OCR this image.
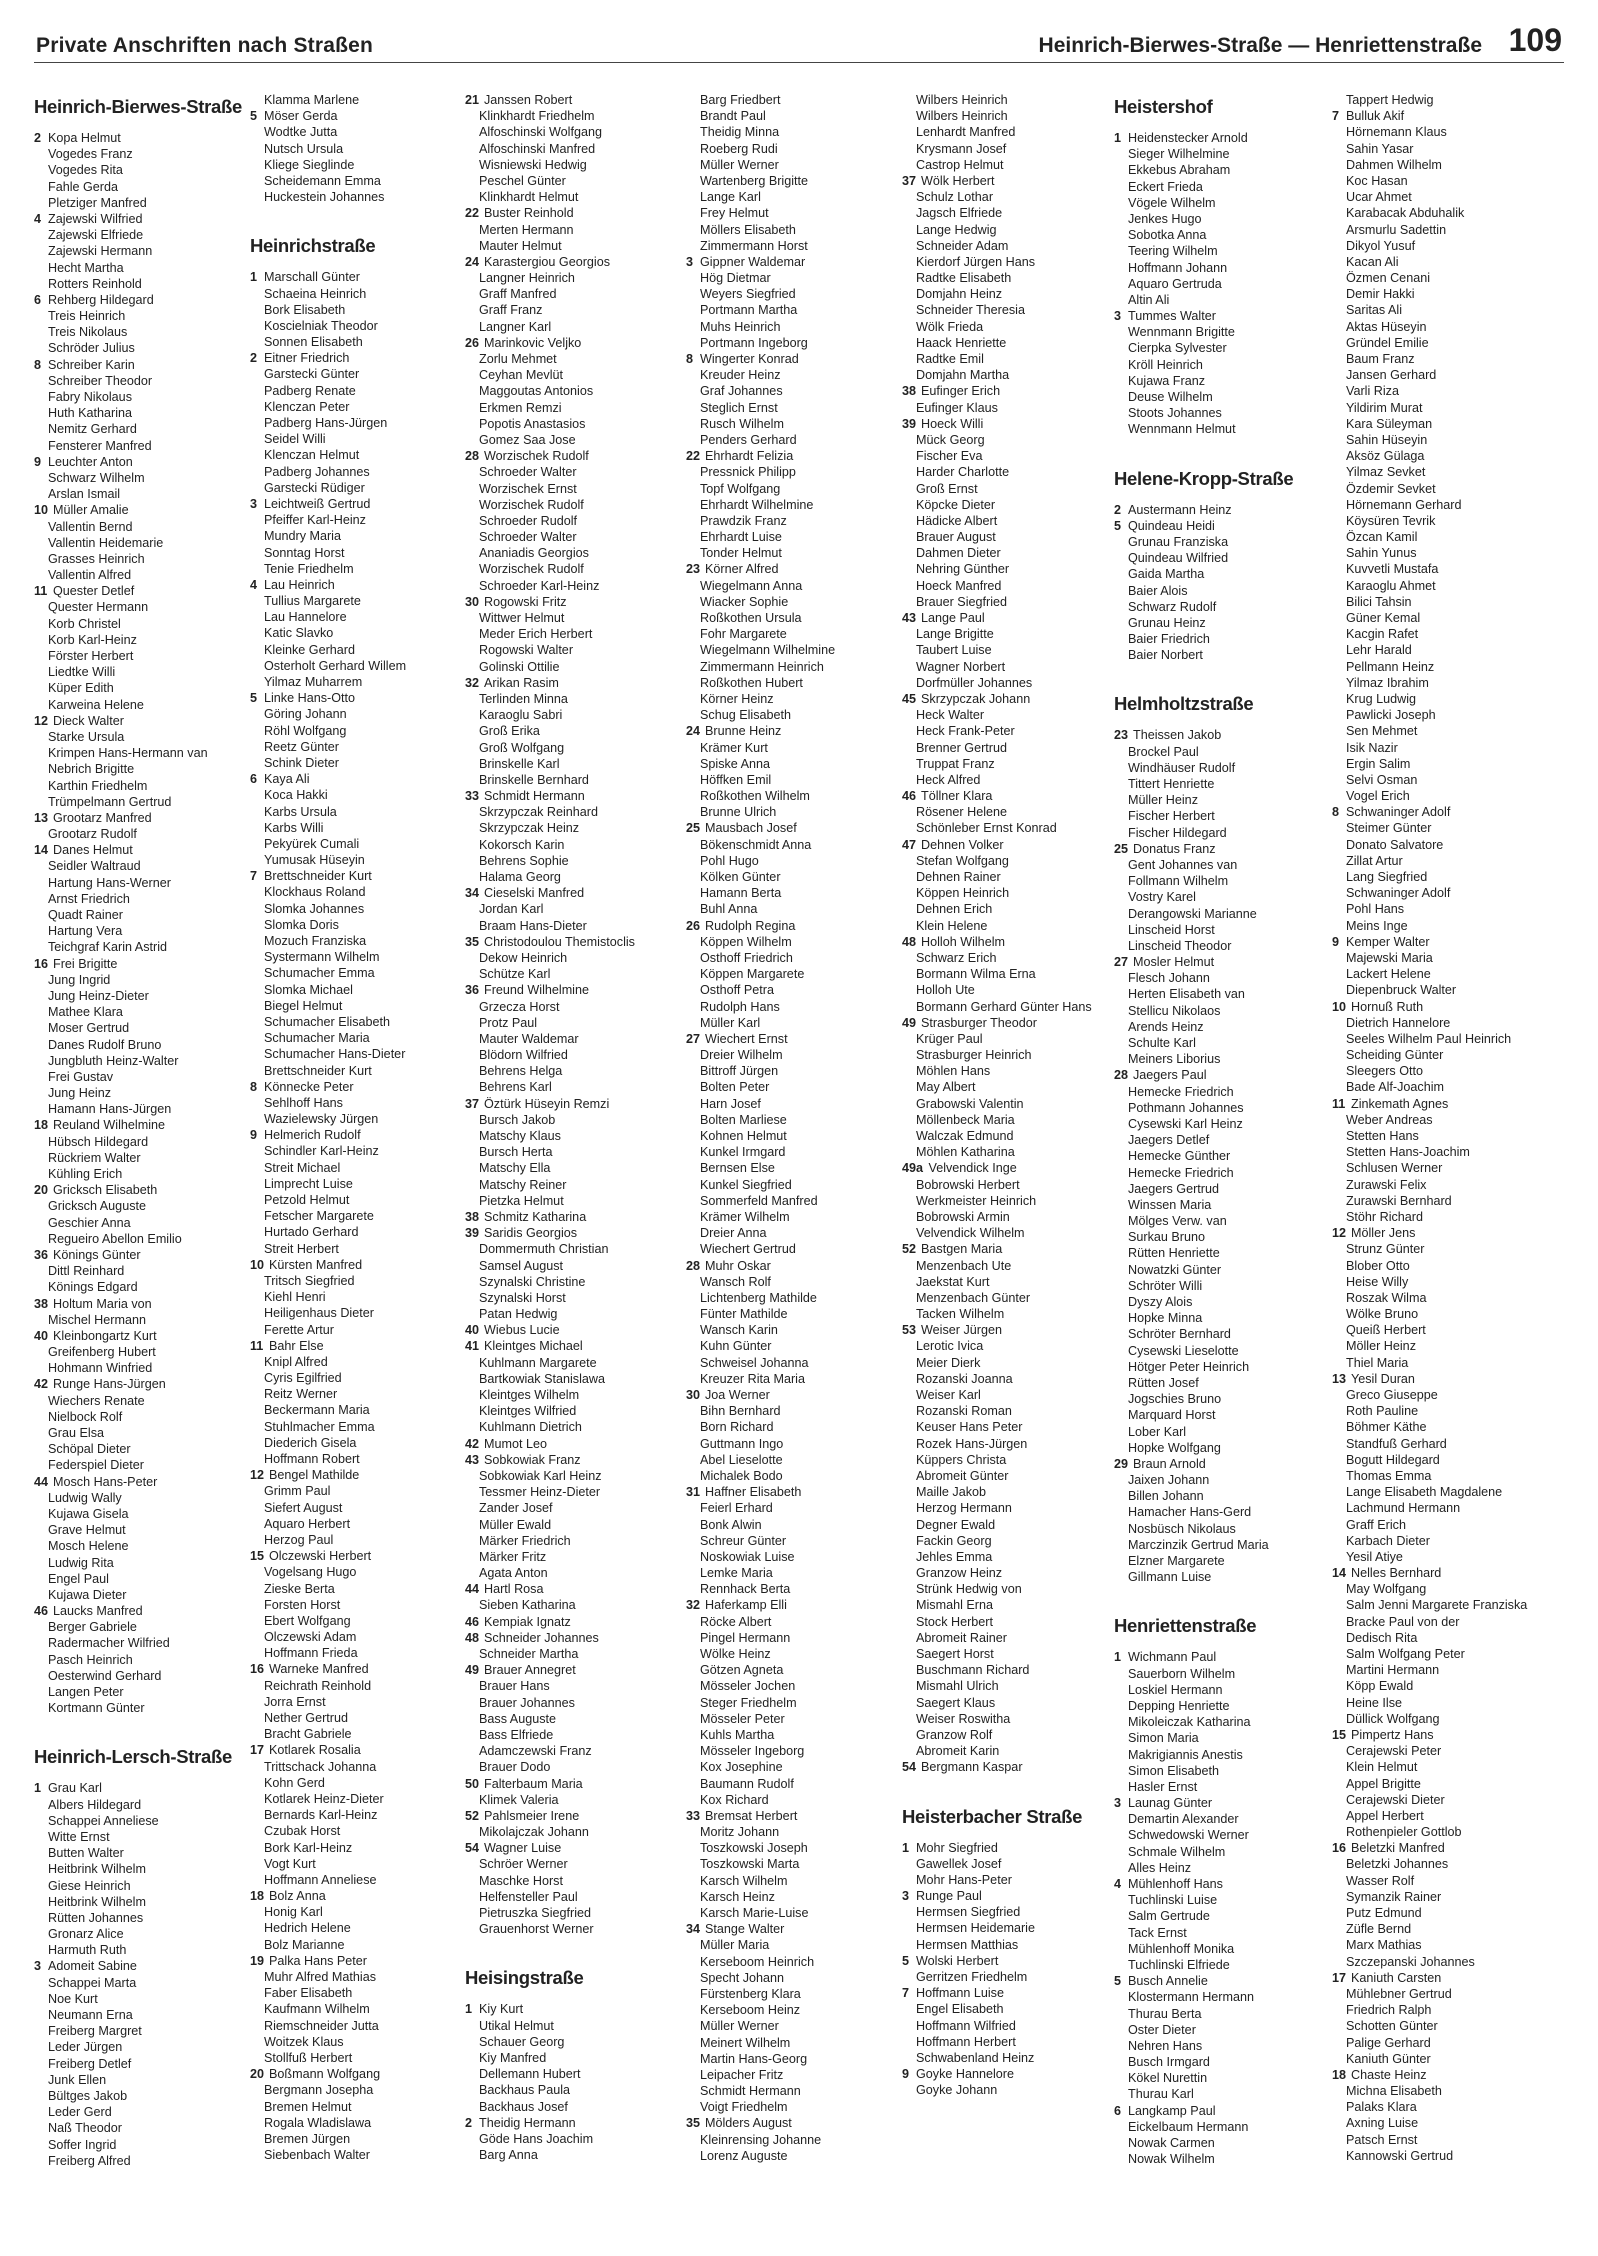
Private Anschriften nach Straßen	Heinrich-Bierwes-Straße — Henriettenstraße 109
Heinrich-Bierwes-Straße
2 Kopa Helmut
Vogedes Franz
Vogedes Rita
Fahle Gerda
Pletziger Manfred
4 Zajewski Wilfried
Zajewski Elfriede
Zajewski Hermann
Hecht Martha
Rotters Reinhold
6 Rehberg Hildegard
Treis Heinrich
Treis Nikolaus
Schröder Julius
8 Schreiber Karin
Schreiber Theodor
Fabry Nikolaus
Huth Katharina
Nemitz Gerhard
Fensterer Manfred
9 Leuchter Anton
Schwarz Wilhelm
Arslan Ismail
10 Müller Amalie
Vallentin Bernd
Vallentin Heidemarie
Grasses Heinrich
Vallentin Alfred
11 Quester Detlef
Quester Hermann
Korb Christel
Korb Karl-Heinz
Förster Herbert
Liedtke Willi
Küper Edith
Karweina Helene
12 Dieck Walter
Starke Ursula
Krimpen Hans-Hermann van
Nebrich Brigitte
Karthin Friedhelm
Trümpelmann Gertrud
13 Grootarz Manfred
Grootarz Rudolf
14 Danes Helmut
Seidler Waltraud
Hartung Hans-Werner
Arnst Friedrich
Quadt Rainer
Hartung Vera
Teichgraf Karin Astrid
16 Frei Brigitte
Jung Ingrid
Jung Heinz-Dieter
Mathee Klara
Moser Gertrud
Danes Rudolf Bruno
Jungbluth Heinz-Walter
Frei Gustav
Jung Heinz
Hamann Hans-Jürgen
18 Reuland Wilhelmine
Hübsch Hildegard
Rückriem Walter
Kühling Erich
20 Gricksch Elisabeth
Gricksch Auguste
Geschier Anna
Regueiro Abellon Emilio
36 Könings Günter
Dittl Reinhard
Könings Edgard
38 Holtum Maria von
Mischel Hermann
40 Kleinbongartz Kurt
Greifenberg Hubert
Hohmann Winfried
42 Runge Hans-Jürgen
Wiechers Renate
Nielbock Rolf
Grau Elsa
Schöpal Dieter
Federspiel Dieter
44 Mosch Hans-Peter
Ludwig Wally
Kujawa Gisela
Grave Helmut
Mosch Helene
Ludwig Rita
Engel Paul
Kujawa Dieter
46 Laucks Manfred
Berger Gabriele
Radermacher Wilfried
Pasch Heinrich
Oesterwind Gerhard
Langen Peter
Kortmann Günter
Heinrich-Lersch-Straße
1 Grau Karl
Albers Hildegard
Schappei Anneliese
Witte Ernst
Butten Walter
Heitbrink Wilhelm
Giese Heinrich
Heitbrink Wilhelm
Rütten Johannes
Gronarz Alice
Harmuth Ruth
3 Adomeit Sabine
Schappei Marta
Noe Kurt
Neumann Erna
Freiberg Margret
Leder Jürgen
Freiberg Detlef
Junk Ellen
Bültges Jakob
Leder Gerd
Naß Theodor
Soffer Ingrid
Freiberg Alfred
Klamma Marlene
5 Möser Gerda
Wodtke Jutta
Nutsch Ursula
Kliege Sieglinde
Scheidemann Emma
Huckestein Johannes
Heinrichstraße
1 Marschall Günter
Schaeina Heinrich
Bork Elisabeth
Koscielniak Theodor
Sonnen Elisabeth
2 Eitner Friedrich
Garstecki Günter
Padberg Renate
Klenczan Peter
Padberg Hans-Jürgen
Seidel Willi
Klenczan Helmut
Padberg Johannes
Garstecki Rüdiger
3 Leichtweiß Gertrud
Pfeiffer Karl-Heinz
Mundry Maria
Sonntag Horst
Tenie Friedhelm
4 Lau Heinrich
Tullius Margarete
Lau Hannelore
Katic Slavko
Kleinke Gerhard
Osterholt Gerhard Willem
Yilmaz Muharrem
5 Linke Hans-Otto
Göring Johann
Röhl Wolfgang
Reetz Günter
Schink Dieter
6 Kaya Ali
Koca Hakki
Karbs Ursula
Karbs Willi
Pekyürek Cumali
Yumusak Hüseyin
7 Brettschneider Kurt
Klockhaus Roland
Slomka Johannes
Slomka Doris
Mozuch Franziska
Systermann Wilhelm
Schumacher Emma
Slomka Michael
Biegel Helmut
Schumacher Elisabeth
Schumacher Maria
Schumacher Hans-Dieter
Brettschneider Kurt
8 Könnecke Peter
Sehlhoff Hans
Wazielewsky Jürgen
9 Helmerich Rudolf
Schindler Karl-Heinz
Streit Michael
Limprecht Luise
Petzold Helmut
Fetscher Margarete
Hurtado Gerhard
Streit Herbert
10 Kürsten Manfred
Tritsch Siegfried
Kiehl Henri
Heiligenhaus Dieter
Ferette Artur
11 Bahr Else
Knipl Alfred
Cyris Egilfried
Reitz Werner
Beckermann Maria
Stuhlmacher Emma
Diederich Gisela
Hoffmann Robert
12 Bengel Mathilde
Grimm Paul
Siefert August
Aquaro Herbert
Herzog Paul
15 Olczewski Herbert
Vogelsang Hugo
Zieske Berta
Forsten Horst
Ebert Wolfgang
Olczewski Adam
Hoffmann Frieda
16 Warneke Manfred
Reichrath Reinhold
Jorra Ernst
Nether Gertrud
Bracht Gabriele
17 Kotlarek Rosalia
Trittschack Johanna
Kohn Gerd
Kotlarek Heinz-Dieter
Bernards Karl-Heinz
Czubak Horst
Bork Karl-Heinz
Vogt Kurt
Hoffmann Anneliese
18 Bolz Anna
Honig Karl
Hedrich Helene
Bolz Marianne
19 Palka Hans Peter
Muhr Alfred Mathias
Faber Elisabeth
Kaufmann Wilhelm
Riemschneider Jutta
Woitzek Klaus
Stollfuß Herbert
20 Boßmann Wolfgang
Bergmann Josepha
Bremen Helmut
Rogala Wladislawa
Bremen Jürgen
Siebenbach Walter
21 Janssen Robert
Klinkhardt Friedhelm
Alfoschinski Wolfgang
Alfoschinski Manfred
Wisniewski Hedwig
Peschel Günter
Klinkhardt Helmut
22 Buster Reinhold
Merten Hermann
Mauter Helmut
24 Karastergiou Georgios
Langner Heinrich
Graff Manfred
Graff Franz
Langner Karl
26 Marinkovic Veljko
Zorlu Mehmet
Ceyhan Mevlüt
Maggoutas Antonios
Erkmen Remzi
Popotis Anastasios
Gomez Saa Jose
28 Worzischek Rudolf
Schroeder Walter
Worzischek Ernst
Worzischek Rudolf
Schroeder Rudolf
Schroeder Walter
Ananiadis Georgios
Worzischek Rudolf
Schroeder Karl-Heinz
30 Rogowski Fritz
Wittwer Helmut
Meder Erich Herbert
Rogowski Walter
Golinski Ottilie
32 Arikan Rasim
Terlinden Minna
Karaoglu Sabri
Groß Erika
Groß Wolfgang
Brinskelle Karl
Brinskelle Bernhard
33 Schmidt Hermann
Skrzypczak Reinhard
Skrzypczak Heinz
Kokorsch Karin
Behrens Sophie
Halama Georg
34 Cieselski Manfred
Jordan Karl
Braam Hans-Dieter
35 Christodoulou Themistoclis
Dekow Heinrich
Schütze Karl
36 Freund Wilhelmine
Grzecza Horst
Protz Paul
Mauter Waldemar
Blödorn Wilfried
Behrens Helga
Behrens Karl
37 Öztürk Hüseyin Remzi
Bursch Jakob
Matschy Klaus
Bursch Herta
Matschy Ella
Matschy Reiner
Pietzka Helmut
38 Schmitz Katharina
39 Saridis Georgios
Dommermuth Christian
Samsel August
Szynalski Christine
Szynalski Horst
Patan Hedwig
40 Wiebus Lucie
41 Kleintges Michael
Kuhlmann Margarete
Bartkowiak Stanislawa
Kleintges Wilhelm
Kleintges Wilfried
Kuhlmann Dietrich
42 Mumot Leo
43 Sobkowiak Franz
Sobkowiak Karl Heinz
Tessmer Heinz-Dieter
Zander Josef
Müller Ewald
Märker Friedrich
Märker Fritz
Agata Anton
44 Hartl Rosa
Sieben Katharina
46 Kempiak Ignatz
48 Schneider Johannes
Schneider Martha
49 Brauer Annegret
Brauer Hans
Brauer Johannes
Bass Auguste
Bass Elfriede
Adamczewski Franz
Brauer Dodo
50 Falterbaum Maria
Klimek Valeria
52 Pahlsmeier Irene
Mikolajczak Johann
54 Wagner Luise
Schröer Werner
Maschke Horst
Helfensteller Paul
Pietruszka Siegfried
Grauenhorst Werner
Heisingstraße
1 Kiy Kurt
Utikal Helmut
Schauer Georg
Kiy Manfred
Dellemann Hubert
Backhaus Paula
Backhaus Josef
2 Theidig Hermann
Göde Hans Joachim
Barg Anna
Barg Friedbert
Brandt Paul
Theidig Minna
Roeberg Rudi
Müller Werner
Wartenberg Brigitte
Lange Karl
Frey Helmut
Möllers Elisabeth
Zimmermann Horst
3 Gippner Waldemar
Hög Dietmar
Weyers Siegfried
Portmann Martha
Muhs Heinrich
Portmann Ingeborg
8 Wingerter Konrad
Kreuder Heinz
Graf Johannes
Steglich Ernst
Rusch Wilhelm
Penders Gerhard
22 Ehrhardt Felizia
Pressnick Philipp
Topf Wolfgang
Ehrhardt Wilhelmine
Prawdzik Franz
Ehrhardt Luise
Tonder Helmut
23 Körner Alfred
Wiegelmann Anna
Wiacker Sophie
Roßkothen Ursula
Fohr Margarete
Wiegelmann Wilhelmine
Zimmermann Heinrich
Roßkothen Hubert
Körner Heinz
Schug Elisabeth
24 Brunne Heinz
Krämer Kurt
Spiske Anna
Höffken Emil
Roßkothen Wilhelm
Brunne Ulrich
25 Mausbach Josef
Bökenschmidt Anna
Pohl Hugo
Kölken Günter
Hamann Berta
Buhl Anna
26 Rudolph Regina
Köppen Wilhelm
Osthoff Friedrich
Köppen Margarete
Osthoff Petra
Rudolph Hans
Müller Karl
27 Wiechert Ernst
Dreier Wilhelm
Bittroff Jürgen
Bolten Peter
Harn Josef
Bolten Marliese
Kohnen Helmut
Kunkel Irmgard
Bernsen Else
Kunkel Siegfried
Sommerfeld Manfred
Krämer Wilhelm
Dreier Anna
Wiechert Gertrud
28 Muhr Oskar
Wansch Rolf
Lichtenberg Mathilde
Fünter Mathilde
Wansch Karin
Kuhn Günter
Schweisel Johanna
Kreuzer Rita Maria
30 Joa Werner
Bihn Bernhard
Born Richard
Guttmann Ingo
Abel Lieselotte
Michalek Bodo
31 Haffner Elisabeth
Feierl Erhard
Bonk Alwin
Schreur Günter
Noskowiak Luise
Lemke Maria
Rennhack Berta
32 Haferkamp Elli
Röcke Albert
Pingel Hermann
Wölke Heinz
Götzen Agneta
Mösseler Jochen
Steger Friedhelm
Mösseler Peter
Kuhls Martha
Mösseler Ingeborg
Kox Josephine
Baumann Rudolf
Kox Richard
33 Bremsat Herbert
Moritz Johann
Toszkowski Joseph
Toszkowski Marta
Karsch Wilhelm
Karsch Heinz
Karsch Marie-Luise
34 Stange Walter
Müller Maria
Kerseboom Heinrich
Specht Johann
Fürstenberg Klara
Kerseboom Heinz
Müller Werner
Meinert Wilhelm
Martin Hans-Georg
Leipacher Fritz
Schmidt Hermann
Voigt Friedhelm
35 Mölders August
Kleinrensing Johanne
Lorenz Auguste
Wilbers Heinrich
Wilbers Heinrich
Lenhardt Manfred
Krysmann Josef
Castrop Helmut
37 Wölk Herbert
Schulz Lothar
Jagsch Elfriede
Lange Hedwig
Schneider Adam
Kierdorf Jürgen Hans
Radtke Elisabeth
Domjahn Heinz
Schneider Theresia
Wölk Frieda
Haack Henriette
Radtke Emil
Domjahn Martha
38 Eufinger Erich
Eufinger Klaus
39 Hoeck Willi
Mück Georg
Fischer Eva
Harder Charlotte
Groß Ernst
Köpcke Dieter
Hädicke Albert
Brauer August
Dahmen Dieter
Nehring Günther
Hoeck Manfred
Brauer Siegfried
43 Lange Paul
Lange Brigitte
Taubert Luise
Wagner Norbert
Dorfmüller Johannes
45 Skrzypczak Johann
Heck Walter
Heck Frank-Peter
Brenner Gertrud
Truppat Franz
Heck Alfred
46 Töllner Klara
Rösener Helene
Schönleber Ernst Konrad
47 Dehnen Volker
Stefan Wolfgang
Dehnen Rainer
Köppen Heinrich
Dehnen Erich
Klein Helene
48 Holloh Wilhelm
Schwarz Erich
Bormann Wilma Erna
Holloh Ute
Bormann Gerhard Günter Hans
49 Strasburger Theodor
Krüger Paul
Strasburger Heinrich
Möhlen Hans
May Albert
Grabowski Valentin
Möllenbeck Maria
Walczak Edmund
Möhlen Katharina
49a Velvendick Inge
Bobrowski Herbert
Werkmeister Heinrich
Bobrowski Armin
Velvendick Wilhelm
52 Bastgen Maria
Menzenbach Ute
Jaekstat Kurt
Menzenbach Günter
Tacken Wilhelm
53 Weiser Jürgen
Lerotic Ivica
Meier Dierk
Rozanski Joanna
Weiser Karl
Rozanski Roman
Keuser Hans Peter
Rozek Hans-Jürgen
Küppers Christa
Abromeit Günter
Maille Jakob
Herzog Hermann
Degner Ewald
Fackin Georg
Jehles Emma
Granzow Heinz
Strünk Hedwig von
Mismahl Erna
Stock Herbert
Abromeit Rainer
Saegert Horst
Buschmann Richard
Mismahl Ulrich
Saegert Klaus
Weiser Roswitha
Granzow Rolf
Abromeit Karin
54 Bergmann Kaspar
Heisterbacher Straße
1 Mohr Siegfried
Gawellek Josef
Mohr Hans-Peter
3 Runge Paul
Hermsen Siegfried
Hermsen Heidemarie
Hermsen Matthias
5 Wolski Herbert
Gerritzen Friedhelm
7 Hoffmann Luise
Engel Elisabeth
Hoffmann Wilfried
Hoffmann Herbert
Schwabenland Heinz
9 Goyke Hannelore
Goyke Johann
Heistershof
1 Heidenstecker Arnold
Sieger Wilhelmine
Ekkebus Abraham
Eckert Frieda
Vögele Wilhelm
Jenkes Hugo
Sobotka Anna
Teering Wilhelm
Hoffmann Johann
Aquaro Gertruda
Altin Ali
3 Tummes Walter
Wennmann Brigitte
Cierpka Sylvester
Kröll Heinrich
Kujawa Franz
Deuse Wilhelm
Stoots Johannes
Wennmann Helmut
Helene-Kropp-Straße
2 Austermann Heinz
5 Quindeau Heidi
Grunau Franziska
Quindeau Wilfried
Gaida Martha
Baier Alois
Schwarz Rudolf
Grunau Heinz
Baier Friedrich
Baier Norbert
Helmholtzstraße
23 Theissen Jakob
Brockel Paul
Windhäuser Rudolf
Tittert Henriette
Müller Heinz
Fischer Herbert
Fischer Hildegard
25 Donatus Franz
Gent Johannes van
Follmann Wilhelm
Vostry Karel
Derangowski Marianne
Linscheid Horst
Linscheid Theodor
27 Mosler Helmut
Flesch Johann
Herten Elisabeth van
Stellicu Nikolaos
Arends Heinz
Schulte Karl
Meiners Liborius
28 Jaegers Paul
Hemecke Friedrich
Pothmann Johannes
Cysewski Karl Heinz
Jaegers Detlef
Hemecke Günther
Hemecke Friedrich
Jaegers Gertrud
Winssen Maria
Mölges Verw. van
Surkau Bruno
Rütten Henriette
Nowatzki Günter
Schröter Willi
Dyszy Alois
Hopke Minna
Schröter Bernhard
Cysewski Lieselotte
Hötger Peter Heinrich
Rütten Josef
Jogschies Bruno
Marquard Horst
Lober Karl
Hopke Wolfgang
29 Braun Arnold
Jaixen Johann
Billen Johann
Hamacher Hans-Gerd
Nosbüsch Nikolaus
Marczinzik Gertrud Maria
Elzner Margarete
Gillmann Luise
Henriettenstraße
1 Wichmann Paul
Sauerborn Wilhelm
Loskiel Hermann
Depping Henriette
Mikoleiczak Katharina
Simon Maria
Makrigiannis Anestis
Simon Elisabeth
Hasler Ernst
3 Launag Günter
Demartin Alexander
Schwedowski Werner
Schmale Wilhelm
Alles Heinz
4 Mühlenhoff Hans
Tuchlinski Luise
Salm Gertrude
Tack Ernst
Mühlenhoff Monika
Tuchlinski Elfriede
5 Busch Annelie
Klostermann Hermann
Thurau Berta
Oster Dieter
Nehren Hans
Busch Irmgard
Kökel Nurettin
Thurau Karl
6 Langkamp Paul
Eickelbaum Hermann
Nowak Carmen
Nowak Wilhelm
Tappert Hedwig
7 Bulluk Akif
Hörnemann Klaus
Sahin Yasar
Dahmen Wilhelm
Koc Hasan
Ucar Ahmet
Karabacak Abduhalik
Arsmurlu Sadettin
Dikyol Yusuf
Kacan Ali
Özmen Cenani
Demir Hakki
Saritas Ali
Aktas Hüseyin
Gründel Emilie
Baum Franz
Jansen Gerhard
Varli Riza
Yildirim Murat
Kara Süleyman
Sahin Hüseyin
Aksöz Gülaga
Yilmaz Sevket
Özdemir Sevket
Hörnemann Gerhard
Köysüren Tevrik
Özcan Kamil
Sahin Yunus
Kuvvetli Mustafa
Karaoglu Ahmet
Bilici Tahsin
Güner Kemal
Kacgin Rafet
Lehr Harald
Pellmann Heinz
Yilmaz Ibrahim
Krug Ludwig
Pawlicki Joseph
Sen Mehmet
Isik Nazir
Ergin Salim
Selvi Osman
Vogel Erich
8 Schwaninger Adolf
Steimer Günter
Donato Salvatore
Zillat Artur
Lang Siegfried
Schwaninger Adolf
Pohl Hans
Meins Inge
9 Kemper Walter
Majewski Maria
Lackert Helene
Diepenbruck Walter
10 Hornuß Ruth
Dietrich Hannelore
Seeles Wilhelm Paul Heinrich
Scheiding Günter
Sleegers Otto
Bade Alf-Joachim
11 Zinkemath Agnes
Weber Andreas
Stetten Hans
Stetten Hans-Joachim
Schlusen Werner
Zurawski Felix
Zurawski Bernhard
Stöhr Richard
12 Möller Jens
Strunz Günter
Blober Otto
Heise Willy
Roszak Wilma
Wölke Bruno
Queiß Herbert
Möller Heinz
Thiel Maria
13 Yesil Duran
Greco Giuseppe
Roth Pauline
Böhmer Käthe
Standfuß Gerhard
Bogutt Hildegard
Thomas Emma
Lange Elisabeth Magdalene
Lachmund Hermann
Graff Erich
Karbach Dieter
Yesil Atiye
14 Nelles Bernhard
May Wolfgang
Salm Jenni Margarete Franziska
Bracke Paul von der
Dedisch Rita
Salm Wolfgang Peter
Martini Hermann
Köpp Ewald
Heine Ilse
Düllick Wolfgang
15 Pimpertz Hans
Cerajewski Peter
Klein Helmut
Appel Brigitte
Cerajewski Dieter
Appel Herbert
Rothenpieler Gottlob
16 Beletzki Manfred
Beletzki Johannes
Wasser Rolf
Symanzik Rainer
Putz Edmund
Züfle Bernd
Marx Mathias
Szczepanski Johannes
17 Kaniuth Carsten
Mühlebner Gertrud
Friedrich Ralph
Schotten Günter
Palige Gerhard
Kaniuth Günter
18 Chaste Heinz
Michna Elisabeth
Palaks Klara
Axning Luise
Patsch Ernst
Kannowski Gertrud
